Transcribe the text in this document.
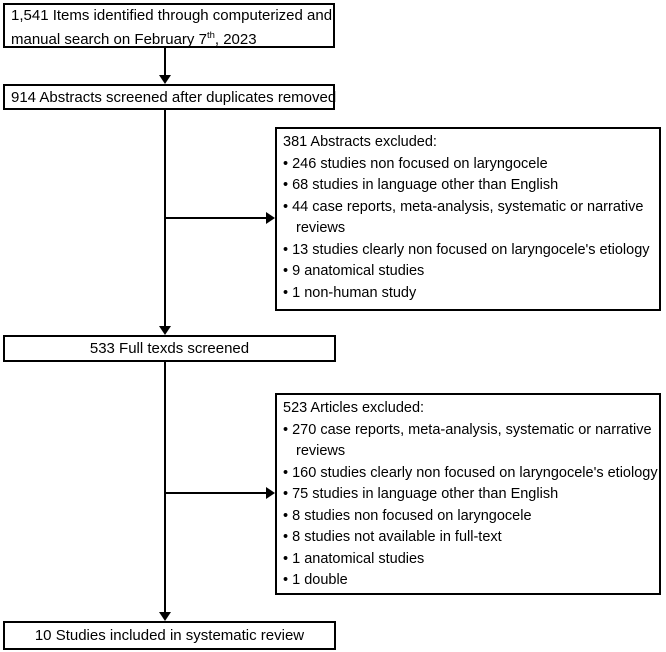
1,541 Items identified through computerized and
manual search on February 7th, 2023
914 Abstracts screened after duplicates removed
381 Abstracts excluded:
• 246 studies non focused on laryngocele
• 68 studies in language other than English
• 44 case reports, meta-analysis, systematic or narrative
reviews
• 13 studies clearly non focused on laryngocele's etiology
• 9 anatomical studies
• 1 non-human study
533 Full texds screened
523 Articles excluded:
• 270 case reports, meta-analysis, systematic or narrative
reviews
• 160 studies clearly non focused on laryngocele's etiology
• 75 studies in language other than English
• 8 studies non focused on laryngocele
• 8 studies not available in full-text
• 1 anatomical studies
• 1 double
10 Studies included in systematic review
